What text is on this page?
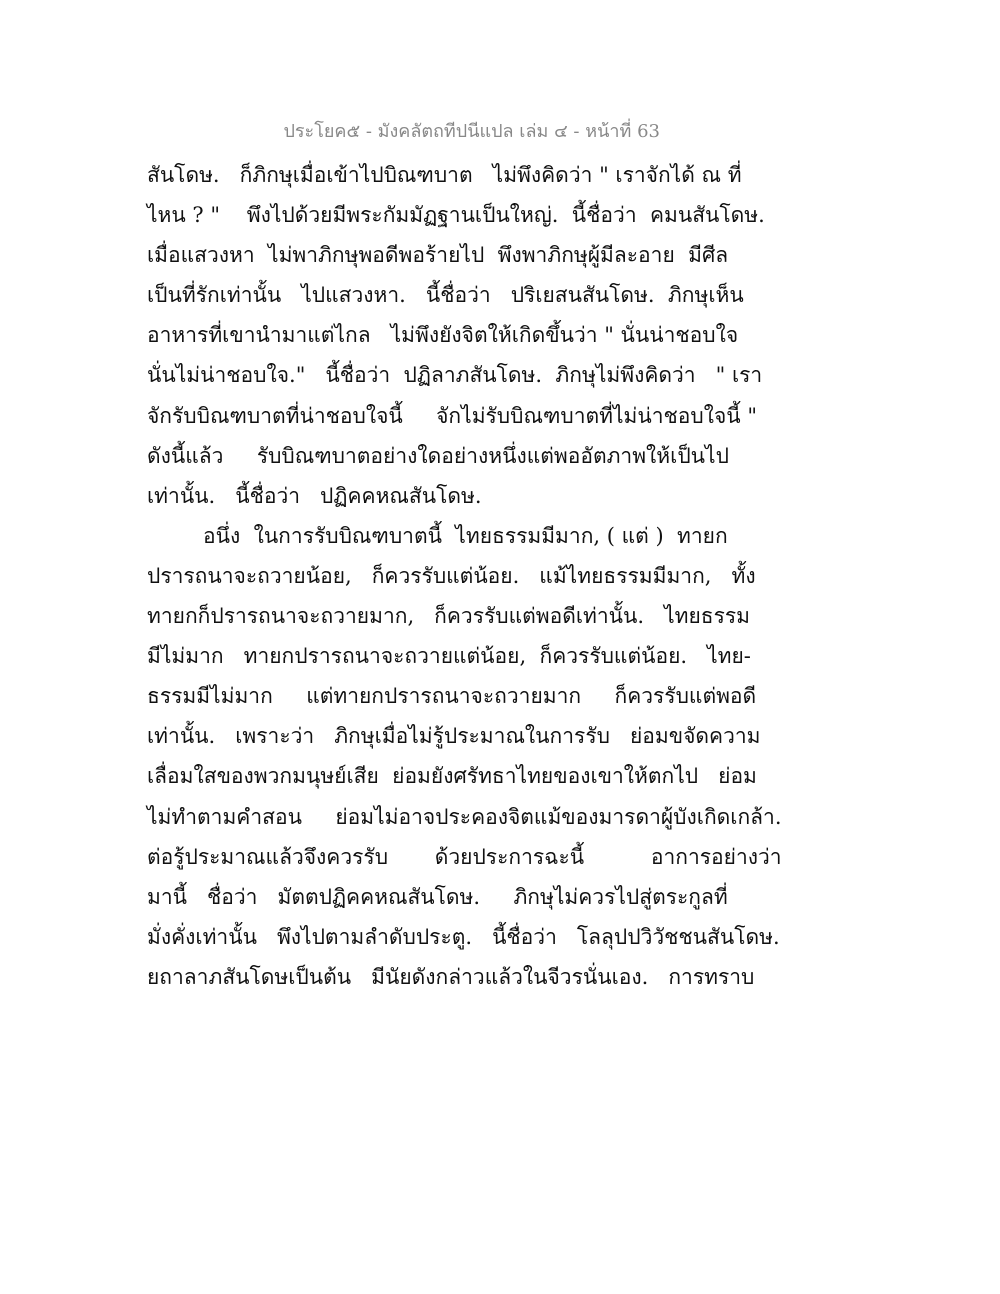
ประโยค๕ - มังคลัตถทีปนีแปล เล่ม ๔ - หน้าที่ 63
สันโดษ.   ก็ภิกษุเมื่อเข้าไปบิณฑบาต   ไม่พึงคิดว่า " เราจักได้ ณ ที่
ไหน ? "    พึงไปด้วยมีพระกัมมัฏฐานเป็นใหญ่.  นี้ชื่อว่า  คมนสันโดษ.
เมื่อแสวงหา  ไม่พาภิกษุพอดีพอร้ายไป  พึงพาภิกษุผู้มีละอาย  มีศีล
เป็นที่รักเท่านั้น   ไปแสวงหา.   นี้ชื่อว่า   ปริเยสนสันโดษ.  ภิกษุเห็น
อาหารที่เขานำมาแต่ไกล   ไม่พึงยังจิตให้เกิดขึ้นว่า " นั่นน่าชอบใจ
นั่นไม่น่าชอบใจ."   นี้ชื่อว่า  ปฏิลาภสันโดษ.  ภิกษุไม่พึงคิดว่า   " เรา
จักรับบิณฑบาตที่น่าชอบใจนี้     จักไม่รับบิณฑบาตที่ไม่น่าชอบใจนี้ "
ดังนี้แล้ว     รับบิณฑบาตอย่างใดอย่างหนึ่งแต่พออัตภาพให้เป็นไป
เท่านั้น.   นี้ชื่อว่า   ปฏิคคหณสันโดษ.
อนึ่ง  ในการรับบิณฑบาตนี้  ไทยธรรมมีมาก, ( แต่ )  ทายก
ปรารถนาจะถวายน้อย,   ก็ควรรับแต่น้อย.   แม้ไทยธรรมมีมาก,   ทั้ง
ทายกก็ปรารถนาจะถวายมาก,   ก็ควรรับแต่พอดีเท่านั้น.   ไทยธรรม
มีไม่มาก   ทายกปรารถนาจะถวายแต่น้อย,  ก็ควรรับแต่น้อย.   ไทย-
ธรรมมีไม่มาก     แต่ทายกปรารถนาจะถวายมาก     ก็ควรรับแต่พอดี
เท่านั้น.   เพราะว่า   ภิกษุเมื่อไม่รู้ประมาณในการรับ   ย่อมขจัดความ
เลื่อมใสของพวกมนุษย์เสีย  ย่อมยังศรัทธาไทยของเขาให้ตกไป   ย่อม
ไม่ทำตามคำสอน     ย่อมไม่อาจประคองจิตแม้ของมารดาผู้บังเกิดเกล้า.
ต่อรู้ประมาณแล้วจึงควรรับ       ด้วยประการฉะนี้          อาการอย่างว่า
มานี้   ชื่อว่า   มัตตปฏิคคหณสันโดษ.     ภิกษุไม่ควรไปสู่ตระกูลที่
มั่งคั่งเท่านั้น   พึงไปตามลำดับประตู.   นี้ชื่อว่า   โลลุปปวิวัชชนสันโดษ.
ยถาลาภสันโดษเป็นต้น   มีนัยดังกล่าวแล้วในจีวรนั่นเอง.   การทราบ
